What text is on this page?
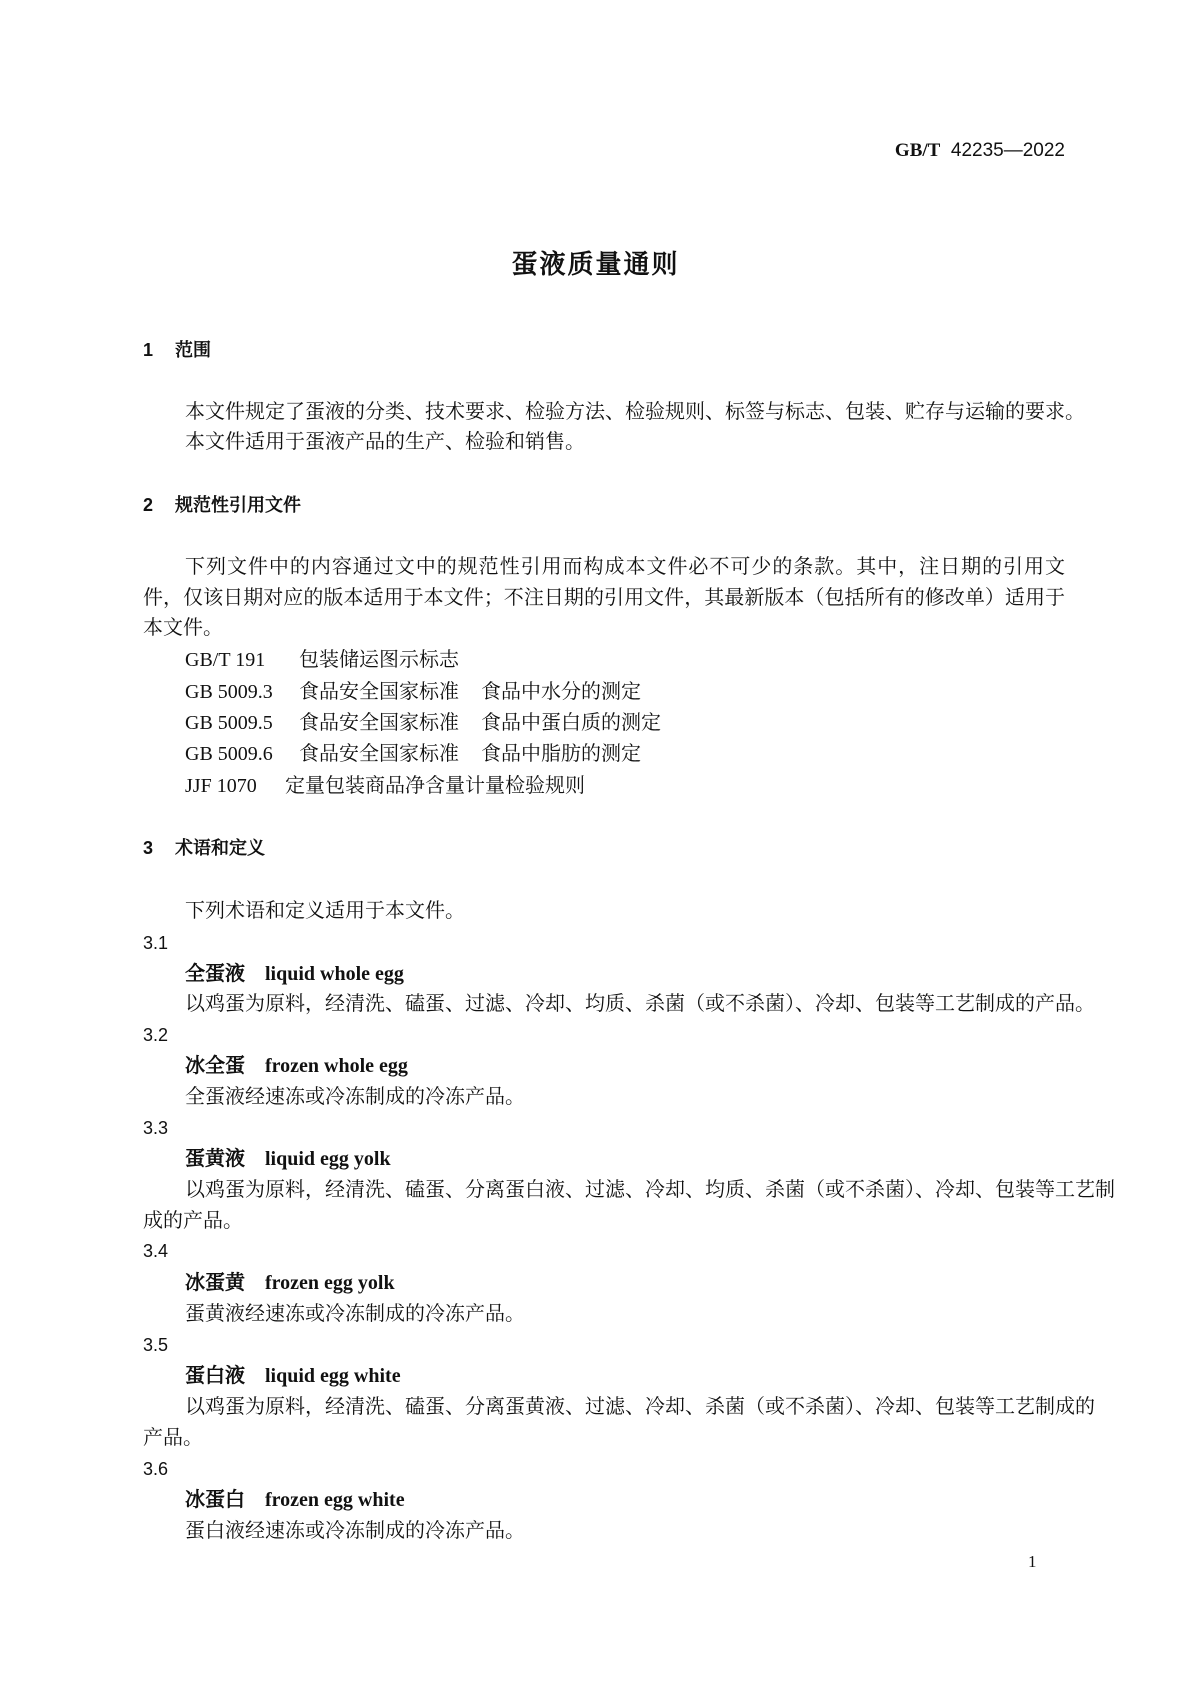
GB/T 42235—2022
蛋液质量通则
1 范围
本文件规定了蛋液的分类、技术要求、检验方法、检验规则、标签与标志、包装、贮存与运输的要求。
本文件适用于蛋液产品的生产、检验和销售。
2 规范性引用文件
下列文件中的内容通过文中的规范性引用而构成本文件必不可少的条款。其中，注日期的引用文
件，仅该日期对应的版本适用于本文件；不注日期的引用文件，其最新版本（包括所有的修改单）适用于
本文件。
GB/T 191 包装储运图示标志
GB 5009.3 食品安全国家标准 食品中水分的测定
GB 5009.5 食品安全国家标准 食品中蛋白质的测定
GB 5009.6 食品安全国家标准 食品中脂肪的测定
JJF 1070 定量包装商品净含量计量检验规则
3 术语和定义
下列术语和定义适用于本文件。
3.1
全蛋液 liquid whole egg
以鸡蛋为原料，经清洗、磕蛋、过滤、冷却、均质、杀菌（或不杀菌）、冷却、包装等工艺制成的产品。
3.2
冰全蛋 frozen whole egg
全蛋液经速冻或冷冻制成的冷冻产品。
3.3
蛋黄液 liquid egg yolk
以鸡蛋为原料，经清洗、磕蛋、分离蛋白液、过滤、冷却、均质、杀菌（或不杀菌）、冷却、包装等工艺制
成的产品。
3.4
冰蛋黄 frozen egg yolk
蛋黄液经速冻或冷冻制成的冷冻产品。
3.5
蛋白液 liquid egg white
以鸡蛋为原料，经清洗、磕蛋、分离蛋黄液、过滤、冷却、杀菌（或不杀菌）、冷却、包装等工艺制成的
产品。
3.6
冰蛋白 frozen egg white
蛋白液经速冻或冷冻制成的冷冻产品。
1
